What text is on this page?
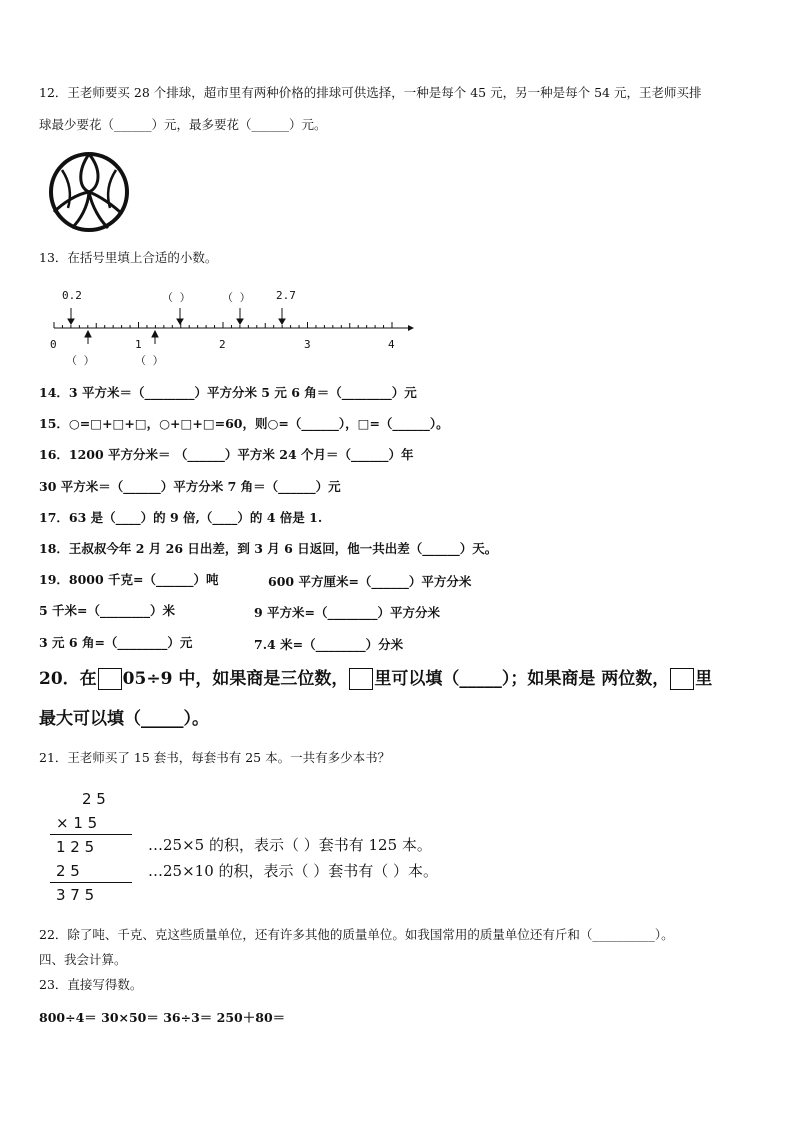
12．王老师要买 28 个排球，超市里有两种价格的排球可供选择，一种是每个 45 元，另一种是每个 54 元，王老师买排
球最少要花（______）元，最多要花（______）元。
13．在括号里填上合适的小数。
0.2	（ ）	（ ） 2.7
0	1	2	3	4
（ ）	（ ）
14．3 平方米＝（________）平方分米 5 元 6 角＝（________）元
15．○=□+□+□，○+□+□=60，则○=（______），□=（______）。
16．1200 平方分米＝ （______）平方米 24 个月＝（______）年
30 平方米＝（______）平方分米 7 角＝（______）元
17．63 是（____）的 9 倍,（____）的 4 倍是 1.
18．王叔叔今年 2 月 26 日出差，到 3 月 6 日返回，他一共出差（______）天。
19．8000 千克=（______）吨	600 平方厘米=（______）平方分米
5 千米=（________）米	9 平方米=（________）平方分米
3 元 6 角=（________）元	7.4 米=（________）分米
20．在 05÷9 中，如果商是三位数， 里可以填（_____）；如果商是 两位数， 里
最大可以填（_____）。
21．王老师买了 15 套书，每套书有 25 本。一共有多少本书？
2 5
× 1 5
1 2 5
2 5
3 7 5
…25×5 的积，表示（ ）套书有 125 本。
…25×10 的积，表示（ ）套书有（ ）本。
22．除了吨、千克、克这些质量单位，还有许多其他的质量单位。如我国常用的质量单位还有斤和（__________）。
四、我会计算。
23．直接写得数。
800÷4＝ 30×50＝ 36÷3＝ 250＋80＝
